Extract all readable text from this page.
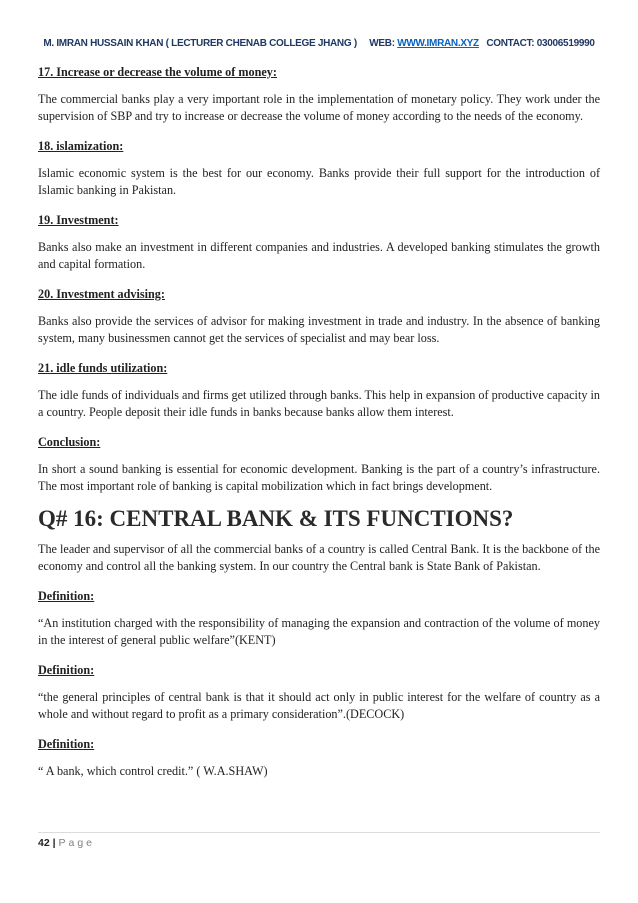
M. IMRAN HUSSAIN KHAN ( LECTURER CHENAB COLLEGE JHANG ) WEB: WWW.IMRAN.XYZ CONTACT: 03006519990

17. Increase or decrease the volume of money:

The commercial banks play a very important role in the implementation of monetary policy. They work under the supervision of SBP and try to increase or decrease the volume of money according to the needs of the economy.

18. islamization:

Islamic economic system is the best for our economy. Banks provide their full support for the introduction of Islamic banking in Pakistan.

19. Investment:

Banks also make an investment in different companies and industries. A developed banking stimulates the growth and capital formation.

20. Investment advising:

Banks also provide the services of advisor for making investment in trade and industry. In the absence of banking system, many businessmen cannot get the services of specialist and may bear loss.

21. idle funds utilization:

The idle funds of individuals and firms get utilized through banks. This help in expansion of productive capacity in a country. People deposit their idle funds in banks because banks allow them interest.

Conclusion:

In short a sound banking is essential for economic development. Banking is the part of a country’s infrastructure. The most important role of banking is capital mobilization which in fact brings development.

Q# 16: CENTRAL BANK & ITS FUNCTIONS?

The leader and supervisor of all the commercial banks of a country is called Central Bank. It is the backbone of the economy and control all the banking system. In our country the Central bank is State Bank of Pakistan.

Definition:

“An institution charged with the responsibility of managing the expansion and contraction of the volume of money in the interest of general public welfare”(KENT)

Definition:

“the general principles of central bank is that it should act only in public interest for the welfare of country as a whole and without regard to profit as a primary consideration”.(DECOCK)

Definition:

“ A bank, which control credit.” ( W.A.SHAW)

42 | Page
